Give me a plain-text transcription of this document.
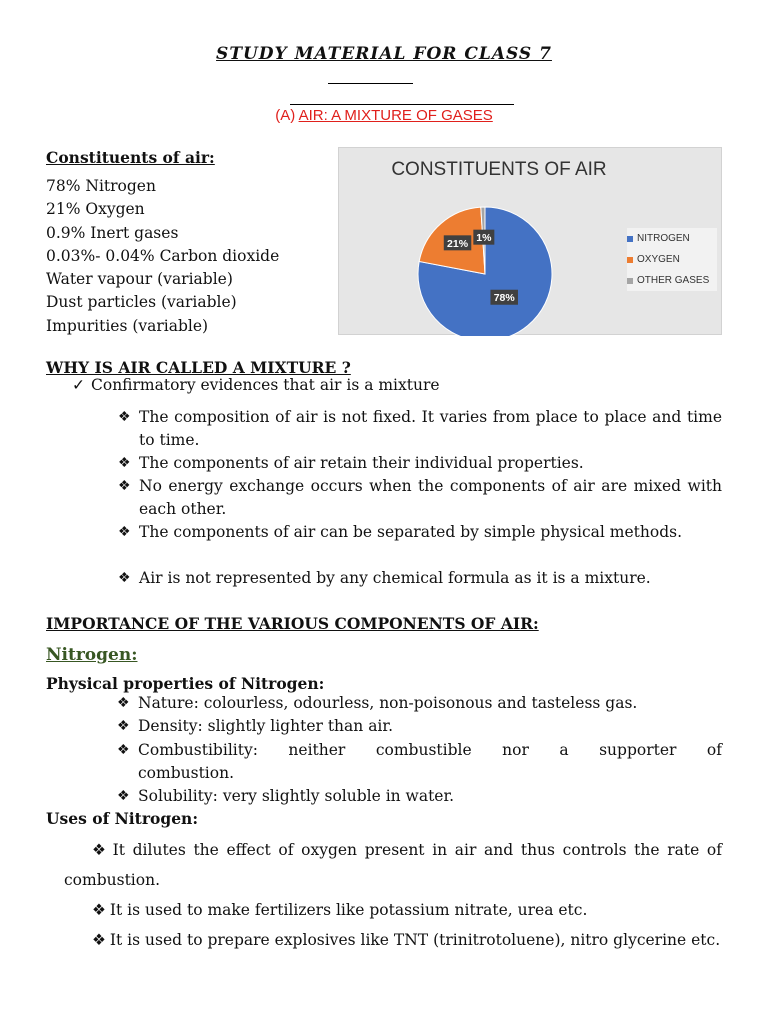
STUDY MATERIAL FOR CLASS 7
(A) AIR: A MIXTURE OF GASES
Constituents of air:
78% Nitrogen
21% Oxygen
0.9% Inert gases
0.03%- 0.04% Carbon dioxide
Water vapour (variable)
Dust particles (variable)
Impurities (variable)
CONSTITUENTS OF AIR
78%
21% 1%	NITROGEN
OXYGEN
OTHER GASES
WHY IS AIR CALLED A MIXTURE ?
✓ Confirmatory evidences that air is a mixture
❖ The composition of air is not fixed. It varies from place to place and time to time.
❖ The components of air retain their individual properties.
❖ No energy exchange occurs when the components of air are mixed with each other.
❖ The components of air can be separated by simple physical methods.
❖ Air is not represented by any chemical formula as it is a mixture.
IMPORTANCE OF THE VARIOUS COMPONENTS OF AIR:
Nitrogen:
Physical properties of Nitrogen:
❖ Nature: colourless, odourless, non-poisonous and tasteless gas.
❖ Density: slightly lighter than air.
❖ Combustibility: neither combustible nor a supporter of combustion.
❖ Solubility: very slightly soluble in water.
Uses of Nitrogen:
❖ It dilutes the effect of oxygen present in air and thus controls the rate of combustion.
❖ It is used to make fertilizers like potassium nitrate, urea etc.
❖ It is used to prepare explosives like TNT (trinitrotoluene), nitro glycerine etc.
